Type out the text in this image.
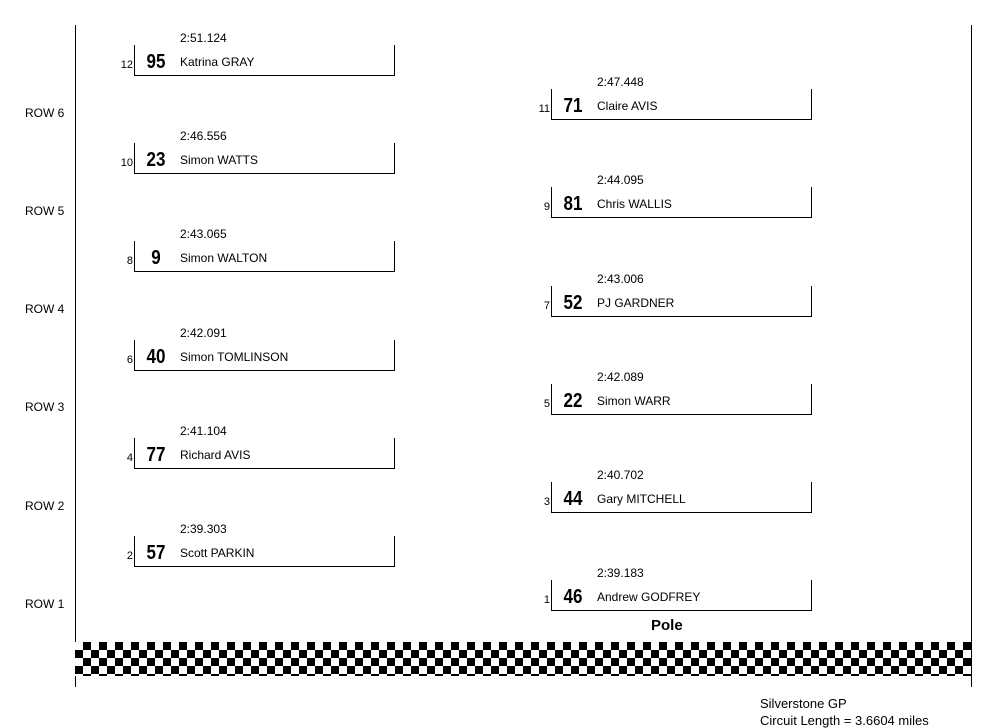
ROW 1
ROW 2
ROW 3
ROW 4
ROW 5
ROW 6
2:51.124
12 95 Katrina GRAY
2:47.448
11 71 Claire AVIS
2:46.556
10 23 Simon WATTS
2:44.095
9 81 Chris WALLIS
2:43.065
8 9	Simon WALTON
2:43.006
7 52 PJ GARDNER
2:42.091
6 40 Simon TOMLINSON
2:42.089
5 22 Simon WARR
2:41.104
4 77 Richard AVIS
2:40.702
3 44 Gary MITCHELL
2:39.303
2 57 Scott PARKIN
2:39.183
1 46 Andrew GODFREY
Pole
Silverstone GP
Circuit Length = 3.6604 miles
